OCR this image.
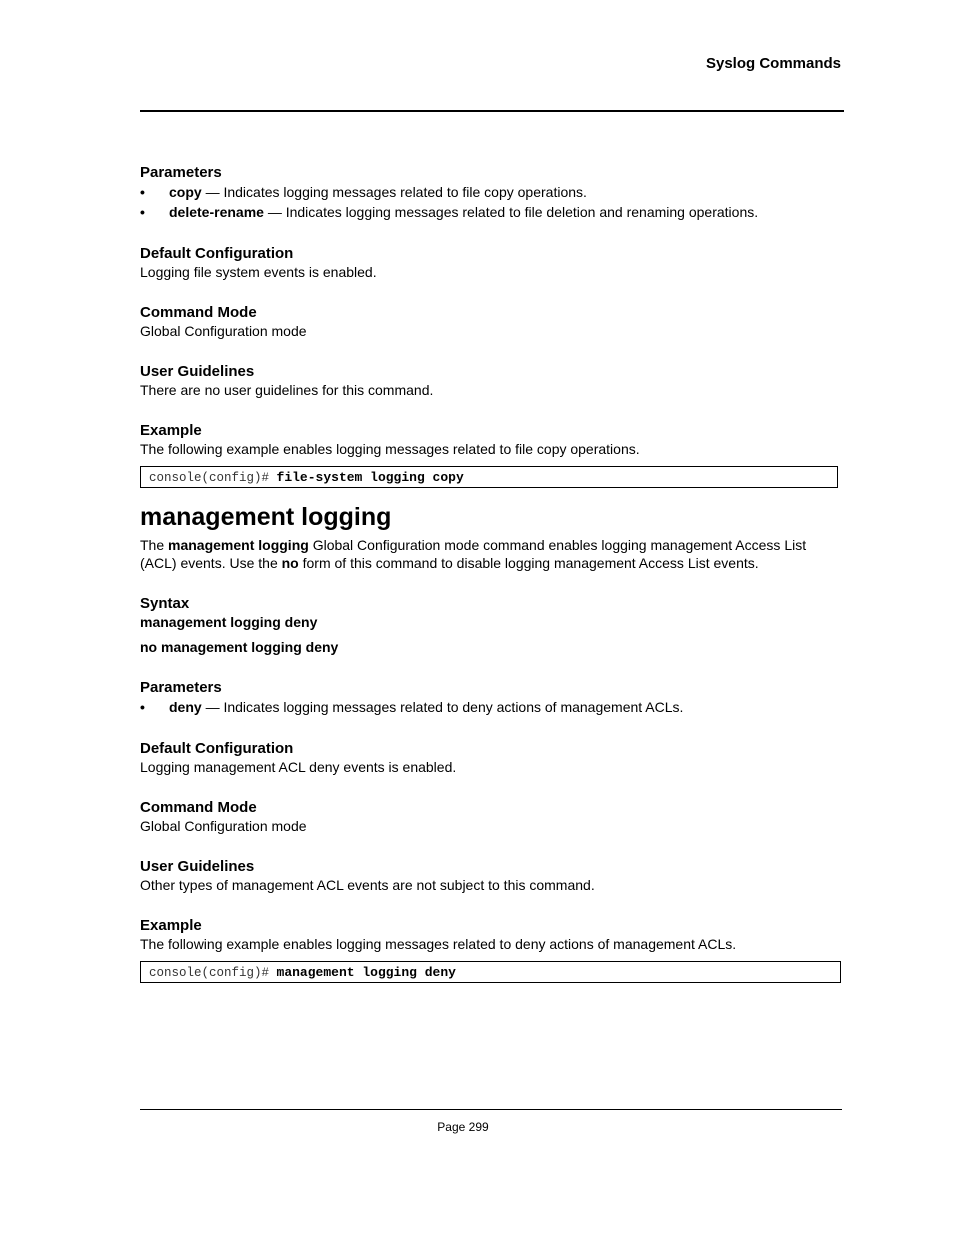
Syslog Commands
Parameters
• copy — Indicates logging messages related to file copy operations.
• delete-rename — Indicates logging messages related to file deletion and renaming operations.
Default Configuration

Logging file system events is enabled.

Command Mode

Global Configuration mode

User Guidelines

There are no user guidelines for this command.

Example

The following example enables logging messages related to file copy operations.

console(config)# file-system logging copy
management logging

The management logging Global Configuration mode command enables logging management Access List (ACL) events. Use the no form of this command to disable logging management Access List events.

Syntax
management logging deny
no management logging deny
Parameters
• deny — Indicates logging messages related to deny actions of management ACLs.
Default Configuration

Logging management ACL deny events is enabled.

Command Mode

Global Configuration mode

User Guidelines

Other types of management ACL events are not subject to this command.

Example

The following example enables logging messages related to deny actions of management ACLs.

console(config)# management logging deny
Page 299
